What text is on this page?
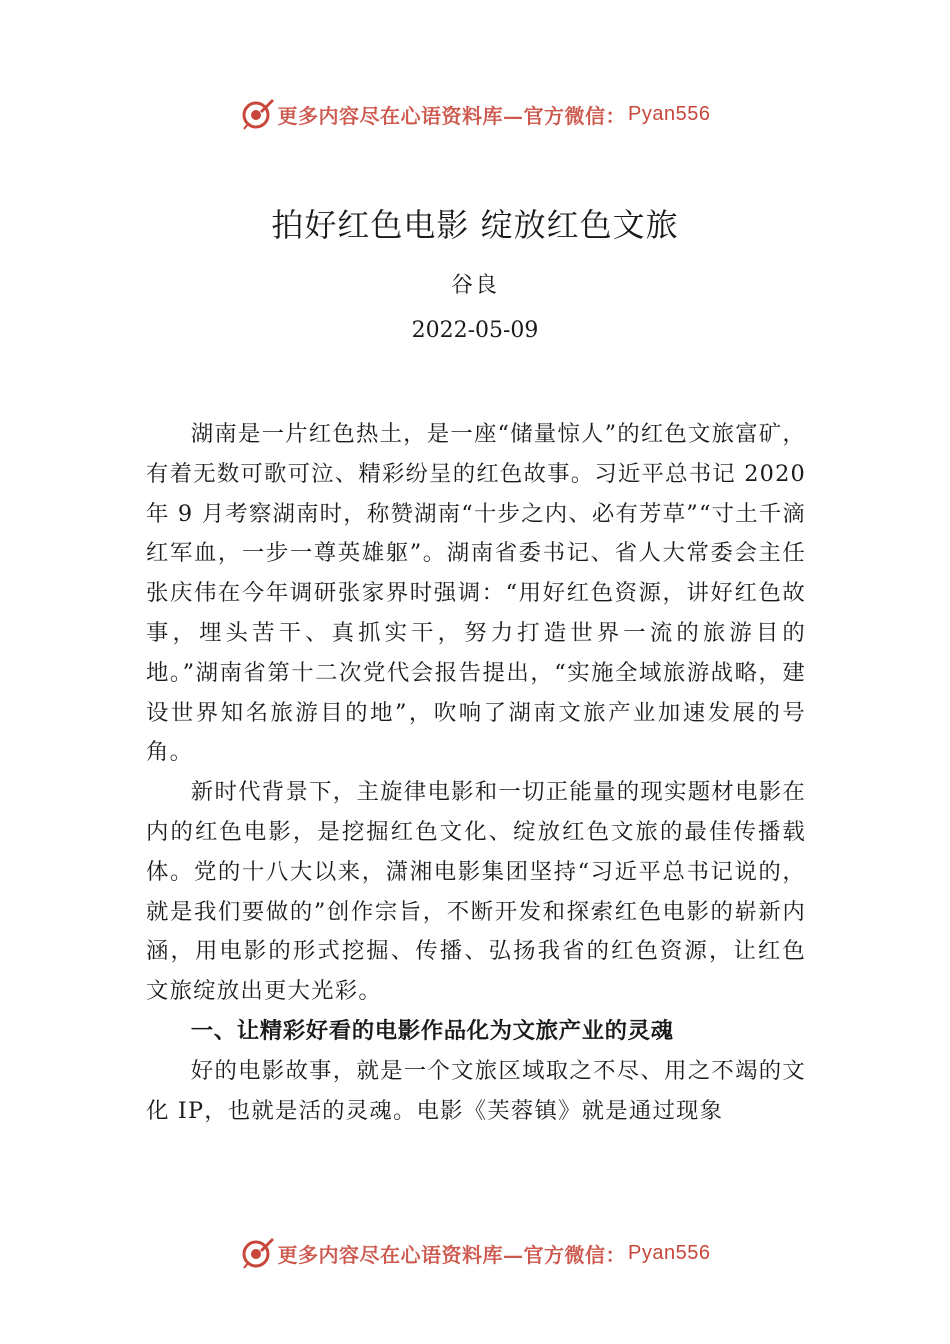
更多内容尽在心语资料库—官方微信： Pyan556
拍好红色电影 绽放红色文旅
谷良
2022-05-09

湖南是一片红色热土，是一座“储量惊人”的红色文旅富矿，有着无数可歌可泣、精彩纷呈的红色故事。习近平总书记 2020 年 9 月考察湖南时，称赞湖南“十步之内、必有芳草”“寸土千滴红军血，一步一尊英雄躯”。湖南省委书记、省人大常委会主任张庆伟在今年调研张家界时强调：“用好红色资源，讲好红色故事，埋头苦干、真抓实干，努力打造世界一流的旅游目的地。”湖南省第十二次党代会报告提出，“实施全域旅游战略，建设世界知名旅游目的地”，吹响了湖南文旅产业加速发展的号角。

新时代背景下，主旋律电影和一切正能量的现实题材电影在内的红色电影，是挖掘红色文化、绽放红色文旅的最佳传播载体。党的十八大以来，潇湘电影集团坚持“习近平总书记说的，就是我们要做的”创作宗旨，不断开发和探索红色电影的崭新内涵，用电影的形式挖掘、传播、弘扬我省的红色资源，让红色文旅绽放出更大光彩。

一、让精彩好看的电影作品化为文旅产业的灵魂

好的电影故事，就是一个文旅区域取之不尽、用之不竭的文化 IP，也就是活的灵魂。电影《芙蓉镇》就是通过现象

更多内容尽在心语资料库—官方微信： Pyan556
